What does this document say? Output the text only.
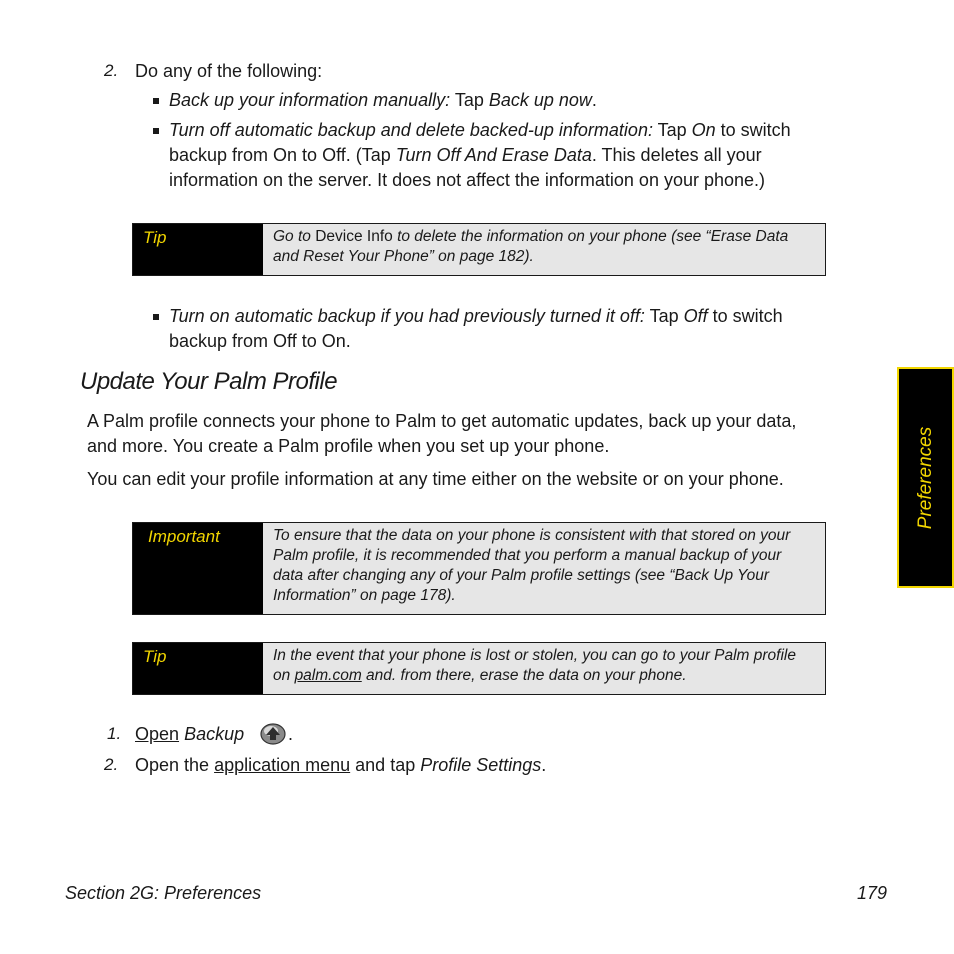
2. Do any of the following:
Back up your information manually: Tap Back up now.
Turn off automatic backup and delete backed-up information: Tap On to switch
backup from On to Off. (Tap Turn Off And Erase Data. This deletes all your
information on the server. It does not affect the information on your phone.)
Tip	Go to Device Info to delete the information on your phone (see “Erase Data
and Reset Your Phone” on page 182).
Turn on automatic backup if you had previously turned it off: Tap Off to switch
backup from Off to On.
Update Your Palm Profile
A Palm profile connects your phone to Palm to get automatic updates, back up your data,
and more. You create a Palm profile when you set up your phone.
You can edit your profile information at any time either on the website or on your phone.
Important	To ensure that the data on your phone is consistent with that stored on your
Palm profile, it is recommended that you perform a manual backup of your
data after changing any of your Palm profile settings (see “Back Up Your
Information” on page 178).
Tip	In the event that your phone is lost or stolen, you can go to your Palm profile
on palm.com and. from there, erase the data on your phone.
1. Open Backup .
2. Open the application menu and tap Profile Settings.
Preferences
Section 2G: Preferences	179
